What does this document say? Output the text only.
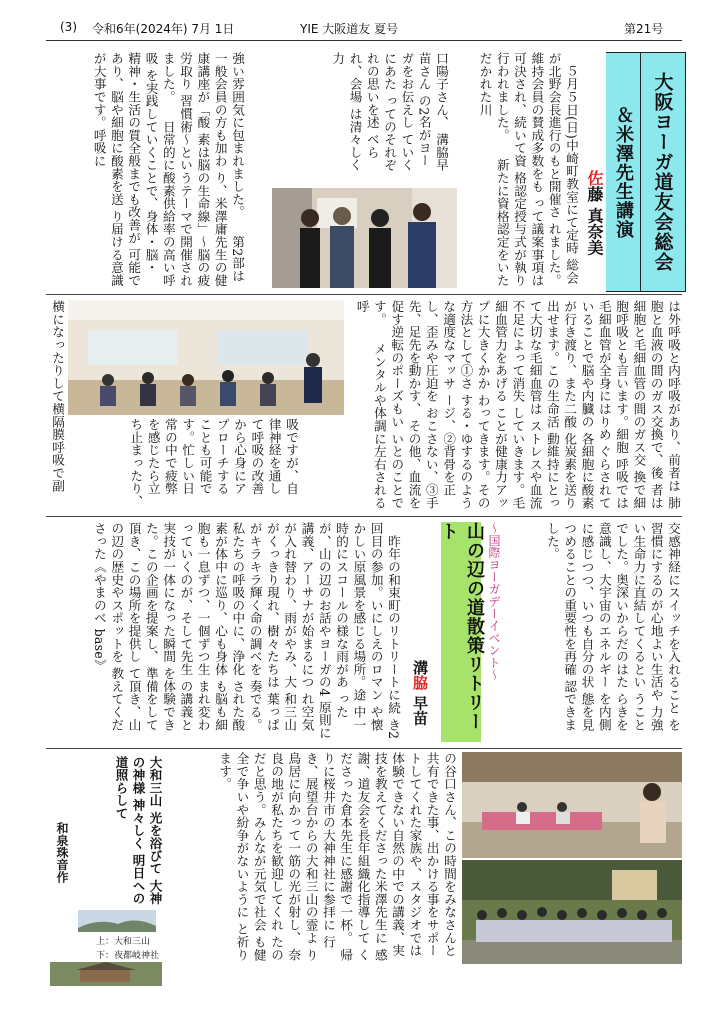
(3) 令和6年(2024年) 7月 1日	YIE 大阪道友 夏号	第21号
大阪ヨーガ道友会総会
＆米澤先生講演
佐藤 真奈美
　５月５日(日)中崎町教室にて定時 総会が北野会長進行のもと開催さ れました。維持会員の賛成多数をも って議案事項は可決され、続いて資 格認定授与式が執り行われました。 　新たに資格認定をいただかれた川
口陽子さん、 溝脇早苗さん の2名がヨー ガをお伝えし ていくにあた ってのそれぞ れの思いを述 べられ、会場 は清々しく力
強い雰囲気に包まれました。 　第2部は一般会員の方も加わ り、米澤庸先生の健康講座が「酸 素は脳の生命線」～脳の疲労取り 習慣術～というテーマで開催され ました。 　日常的に酸素供給率の高い呼吸 を実践していくことで、身体・脳・ 精神・生活の質全般までも改善が 可能であり、脳や細胞に酸素を送 り届ける意識が大事です。呼吸に
は外呼吸と内呼吸があり、前者は 肺胞と血液の間のガス交換で、後 者は細胞と毛細血管の間のガス交 換で細胞呼吸とも言います。細胞 呼吸では毛細血管が全身にはりめ ぐらされていることで脳や内臓の 各細胞に酸素が行き渡り、また二酸 化炭素を送り出せます。この生命活 動維持にとって大切な毛細血管は ストレスや血流不足によって消失 していきます。毛細血管力をあげる ことが健康力アップに大きくかか わってきます。その方法として①さ する・ゆするのような適度なマッサ ージ、②背骨を正し、歪みや圧迫を おこさない、③手先、足先を動かす、 その他、血流を促す逆転のポーズもい いとのことです。 　メンタルや体調に左右される呼
吸ですが、自 律神経を通し て呼吸の改善 から心身にア プローチする ことも可能で す。忙しい日 常の中で疲弊 を感じたら立 ち止まったり、
横になったりして横隔膜呼吸で副
交感神経にスイッチを入れること を習慣にするのが心地よい生活や 力強い生命力に直結してくるとい うことでした。奥深いからだのはた らきを意識し、大宇宙のエネルギー を内側に感じつつ、いつも自分の状 態を見つめることの重要性を再確 認できました。
～国際ヨーガデーイベント～
山の辺の道散策リトリート
溝脇 早苗
　昨年の和束町のリトリートに続 き2回目の参加。いにしえのロマン や懐かしい原風景を感じる場所。途 中一時的にスコールの様な雨があ ったが、山の辺のお話やヨーガの4 原則に講義、アーサナが始まるにつ れ空気が入れ替わり、雨がやみ、大 和三山がくっきり現れ、樹々たちは 葉っぱがキラキラ輝く命の調べを 奏でる。私たちの呼吸の中に、浄化 された酸素が体中に巡り、心も身体 も脳も細胞も一息ずつ、一個ずつ生 まれ変わっていくのが、そして先生 の講義と実技が一体になった瞬間 を体験できた。この企画を提案し、 準備をして頂き、この場所を提供し て頂き、山の辺の歴史やスポットを 教えてくださった《やまのべ base》
の谷口さん、この時間をみなさんと 共有できた事、出かける事をサポー トしてくれた家族や、スタジオでは 体験できない自然の中での講義、実 技を教えてくださった米澤先生に 感謝、道友会を長年組織化指導して くださった倉本先生に感謝で一杯。 帰りに桜井市の大神神社に参拝に 行き、展望台からの大和三山の霊よ り鳥居に向かって一筋の光が射し、 奈良の地が私たちを歓迎してくれ たのだと思う。みんなが元気で社会 も健全で争いや紛争がないように と祈ります。
大和三山 光を浴びて 大神の神様 神々しく 明日への道照らして
和泉珠音作
上：大和三山
下：夜都岐神社
